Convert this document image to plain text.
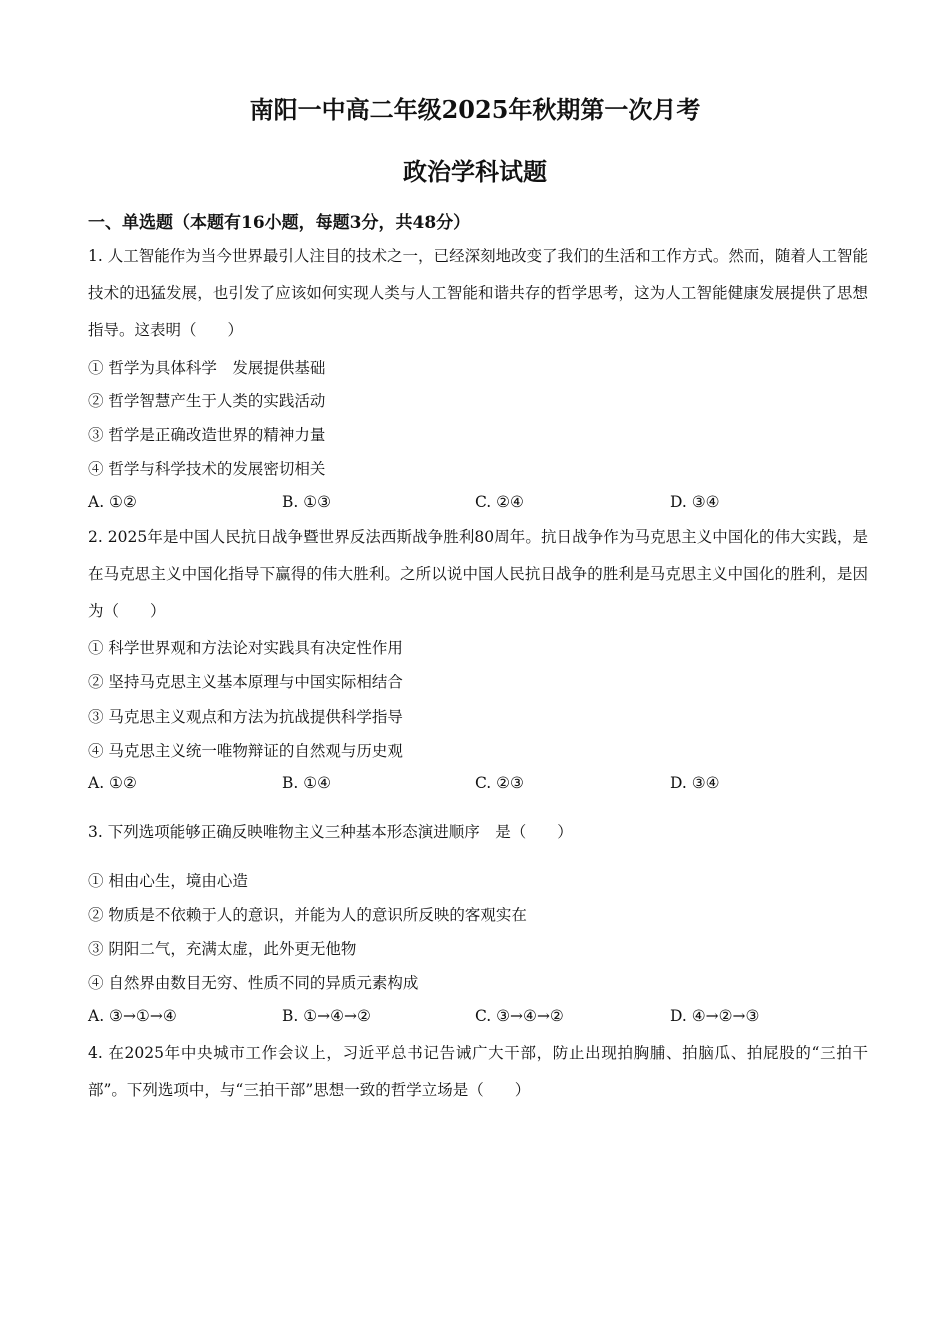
南阳一中高二年级2025年秋期第一次月考
政治学科试题
一、单选题（本题有16小题，每题3分，共48分）
1. 人工智能作为当今世界最引人注目的技术之一，已经深刻地改变了我们的生活和工作方式。然而，随着人工智能技术的迅猛发展，也引发了应该如何实现人类与人工智能和谐共存的哲学思考，这为人工智能健康发展提供了思想指导。这表明（　　）
① 哲学为具体科学　发展提供基础
② 哲学智慧产生于人类的实践活动
③ 哲学是正确改造世界的精神力量
④ 哲学与科学技术的发展密切相关
A. ①②	B. ①③	C. ②④	D. ③④
2. 2025年是中国人民抗日战争暨世界反法西斯战争胜利80周年。抗日战争作为马克思主义中国化的伟大实践，是在马克思主义中国化指导下赢得的伟大胜利。之所以说中国人民抗日战争的胜利是马克思主义中国化的胜利，是因为（　　）
① 科学世界观和方法论对实践具有决定性作用
② 坚持马克思主义基本原理与中国实际相结合
③ 马克思主义观点和方法为抗战提供科学指导
④ 马克思主义统一唯物辩证的自然观与历史观
A. ①②	B. ①④	C. ②③	D. ③④
3. 下列选项能够正确反映唯物主义三种基本形态演进顺序　是（　　）
① 相由心生，境由心造
② 物质是不依赖于人的意识，并能为人的意识所反映的客观实在
③ 阴阳二气，充满太虚，此外更无他物
④ 自然界由数目无穷、性质不同的异质元素构成
A. ③→①→④	B. ①→④→②	C. ③→④→②	D. ④→②→③
4. 在2025年中央城市工作会议上，习近平总书记告诫广大干部，防止出现拍胸脯、拍脑瓜、拍屁股的“三拍干部”。下列选项中，与“三拍干部”思想一致的哲学立场是（　　）
